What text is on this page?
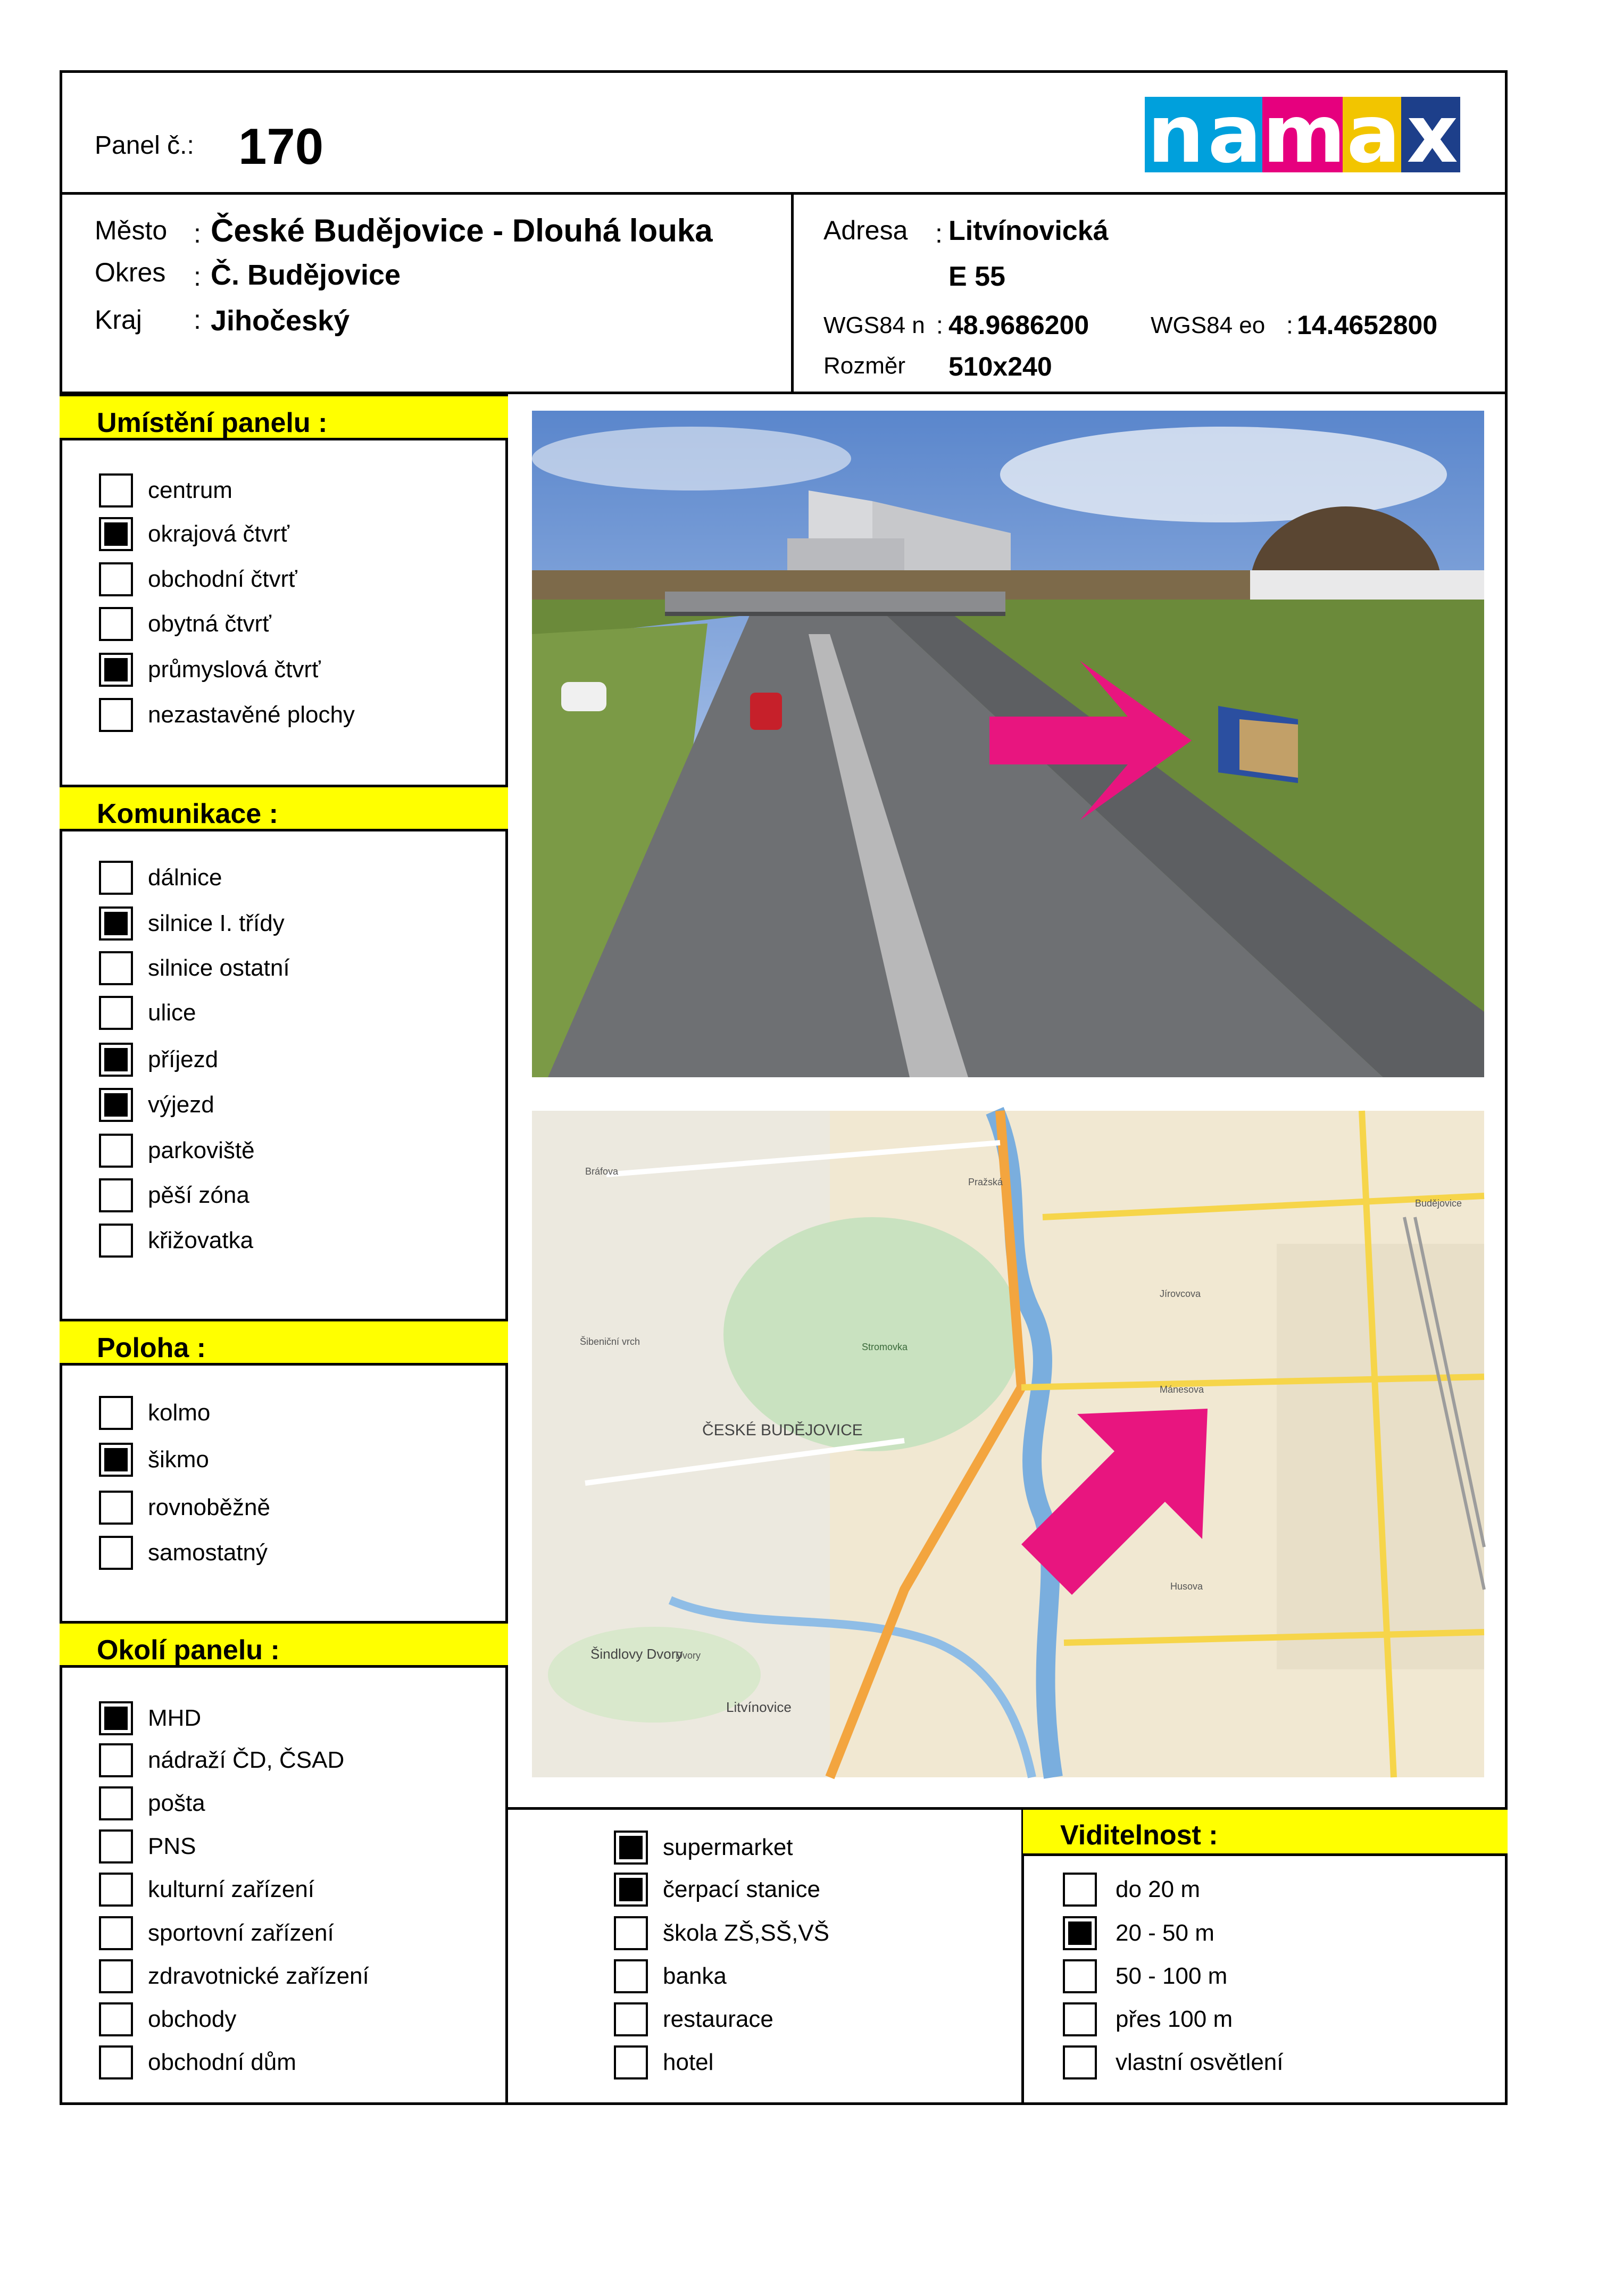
Panel č.: 170	n a m a x
Město : České Budějovice - Dlouhá louka
Okres : Č. Budějovice
Kraj : Jihočeský
Adresa : Litvínovická
E 55
WGS84 n : 48.9686200	WGS84 eo : 14.4652800
Rozměr 510x240
Umístění panelu :
Komunikace :
Poloha :
Okolí panelu :
centrum
okrajová čtvrť
obchodní čtvrť
obytná čtvrť
průmyslová čtvrť
nezastavěné plochy
dálnice
silnice I. třídy
silnice ostatní
ulice
příjezd
výjezd
parkoviště
pěší zóna
křižovatka
kolmo
šikmo
rovnoběžně
samostatný
MHD
nádraží ČD, ČSAD
pošta
PNS
kulturní zařízení
sportovní zařízení
zdravotnické zařízení
obchody
obchodní dům
Viditelnost :
supermarket
čerpací stanice
škola ZŠ,SŠ,VŠ
banka
restaurace
hotel
do 20 m
20 - 50 m
50 - 100 m
přes 100 m
vlastní osvětlení
ČESKÉ BUDĚJOVICE
Šindlovy Dvory
Litvínovice
Stromovka
Mánesova
Budějovice
Pražská
Jírovcova
Husova
Šibeniční vrch
Bráfova
Dvory
